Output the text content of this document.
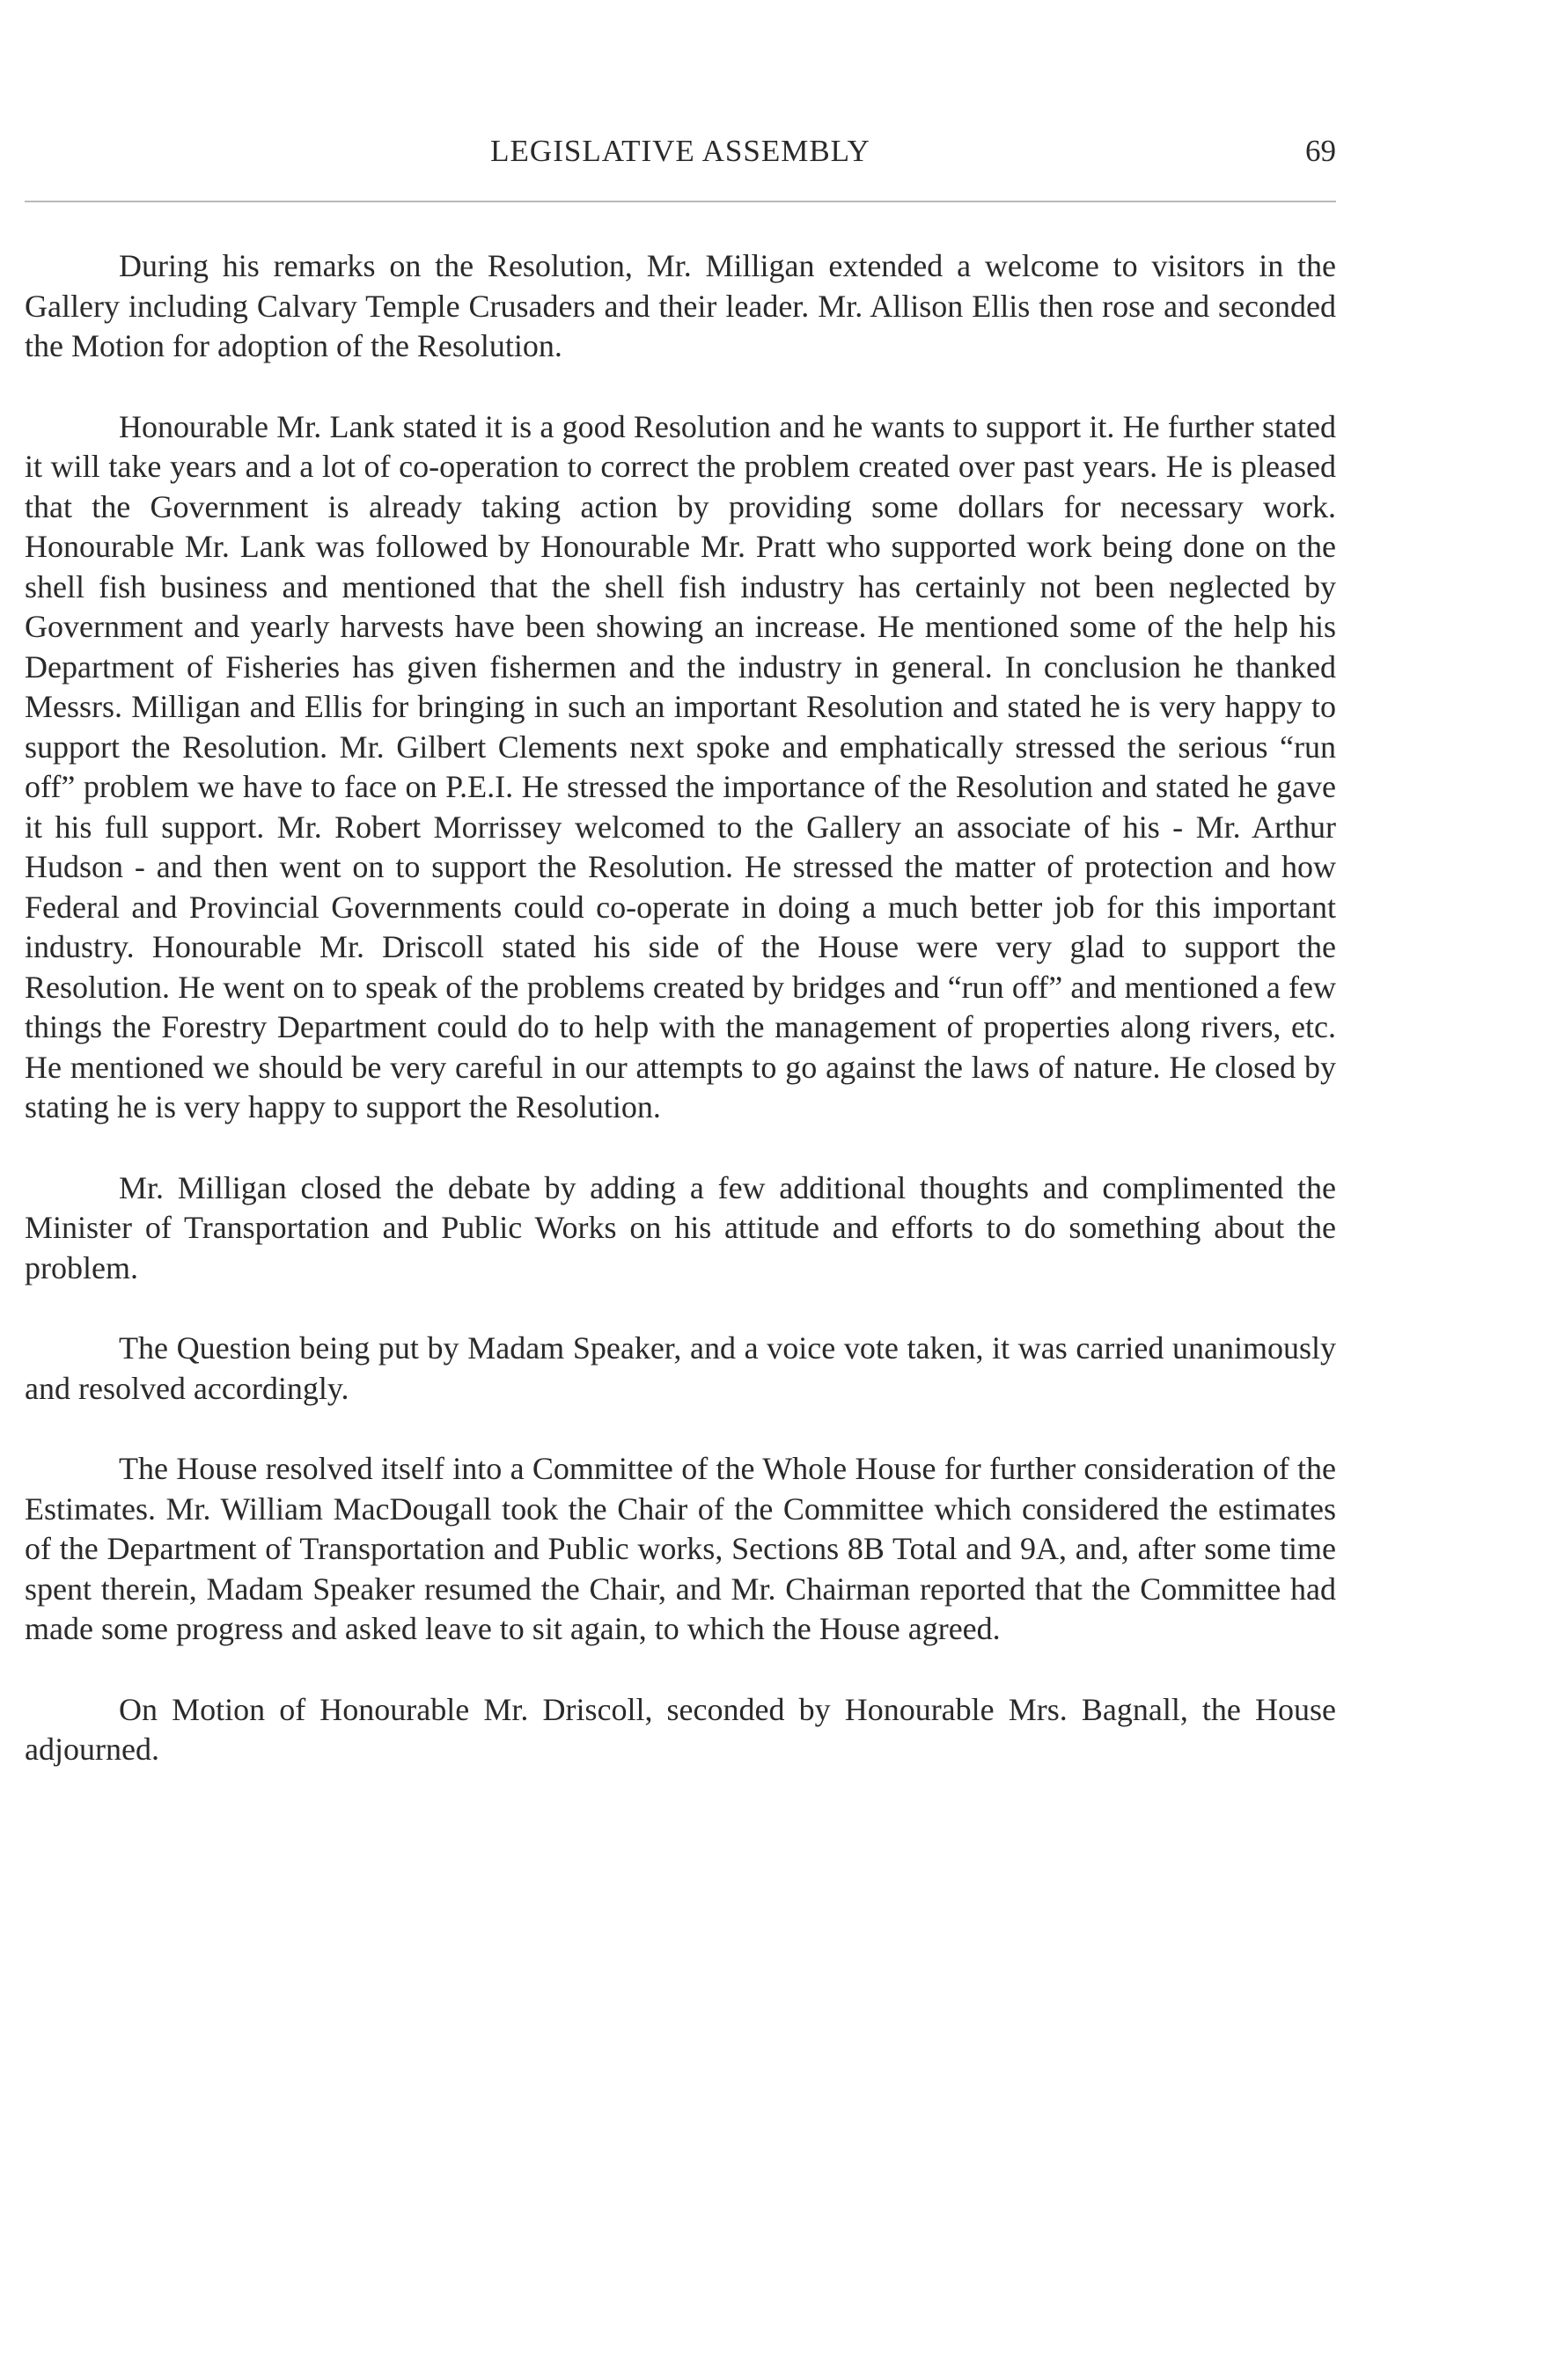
LEGISLATIVE ASSEMBLY	69

During his remarks on the Resolution, Mr. Milligan extended a welcome to visitors in the Gallery including Calvary Temple Crusaders and their leader. Mr. Allison Ellis then rose and seconded the Motion for adoption of the Resolution.

Honourable Mr. Lank stated it is a good Resolution and he wants to support it. He further stated it will take years and a lot of co-operation to correct the problem created over past years. He is pleased that the Government is already taking action by providing some dollars for necessary work. Honourable Mr. Lank was followed by Honourable Mr. Pratt who supported work being done on the shell fish business and mentioned that the shell fish industry has certainly not been neglected by Government and yearly harvests have been showing an increase. He mentioned some of the help his Department of Fisheries has given fishermen and the industry in general. In conclusion he thanked Messrs. Milligan and Ellis for bringing in such an important Resolution and stated he is very happy to support the Resolution. Mr. Gilbert Clements next spoke and emphatically stressed the serious “run off” problem we have to face on P.E.I. He stressed the importance of the Resolution and stated he gave it his full support. Mr. Robert Morrissey welcomed to the Gallery an associate of his - Mr. Arthur Hudson - and then went on to support the Resolution. He stressed the matter of protection and how Federal and Provincial Governments could co-operate in doing a much better job for this important industry. Honourable Mr. Driscoll stated his side of the House were very glad to support the Resolution. He went on to speak of the problems created by bridges and “run off” and mentioned a few things the Forestry Department could do to help with the management of properties along rivers, etc. He mentioned we should be very careful in our attempts to go against the laws of nature. He closed by stating he is very happy to support the Resolution.

Mr. Milligan closed the debate by adding a few additional thoughts and complimented the Minister of Transportation and Public Works on his attitude and efforts to do something about the problem.

The Question being put by Madam Speaker, and a voice vote taken, it was carried unanimously and resolved accordingly.

The House resolved itself into a Committee of the Whole House for further consideration of the Estimates. Mr. William MacDougall took the Chair of the Committee which considered the estimates of the Department of Transportation and Public works, Sections 8B Total and 9A, and, after some time spent therein, Madam Speaker resumed the Chair, and Mr. Chairman reported that the Committee had made some progress and asked leave to sit again, to which the House agreed.

On Motion of Honourable Mr. Driscoll, seconded by Honourable Mrs. Bagnall, the House adjourned.
